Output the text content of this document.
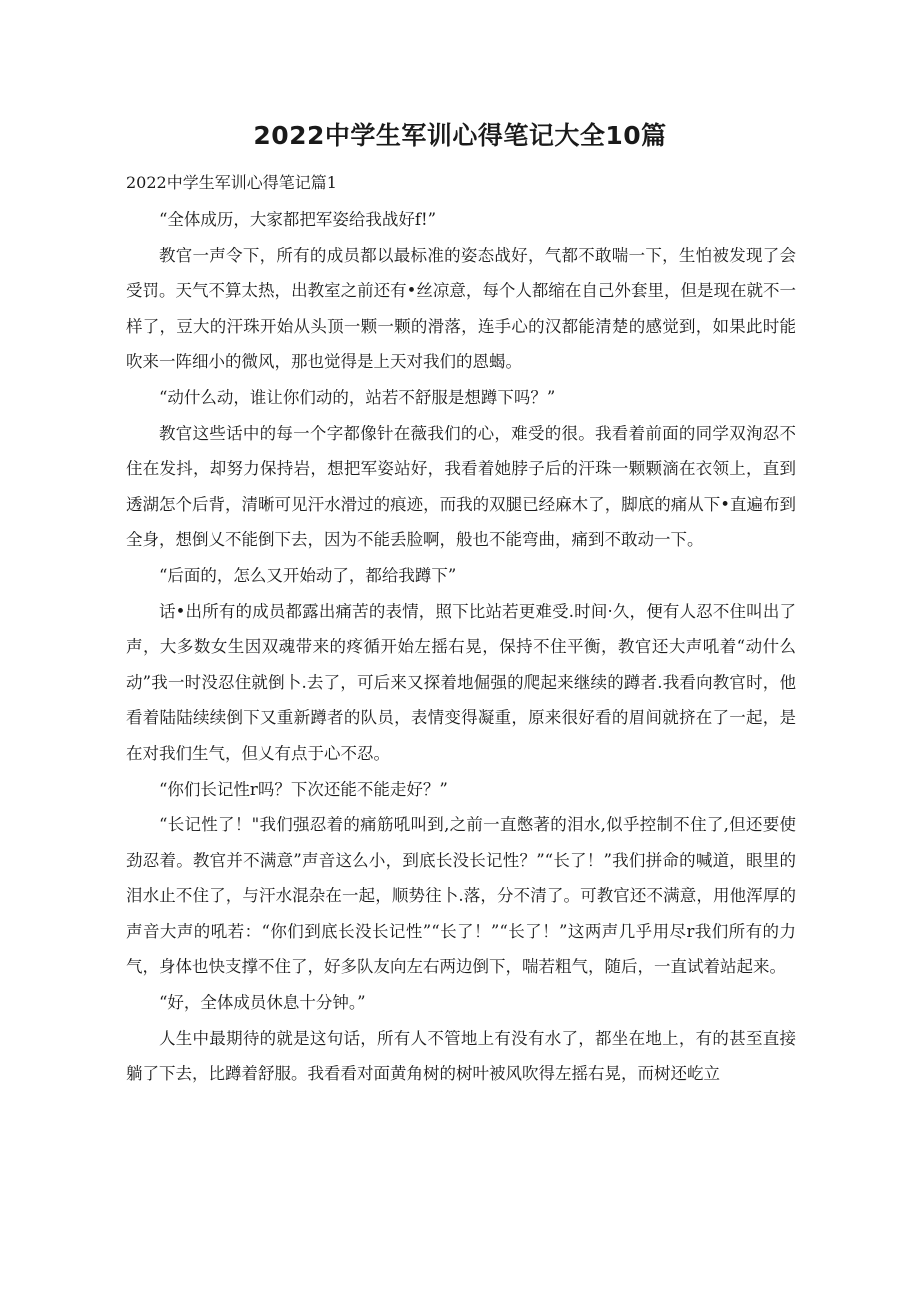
2022中学生军训心得笔记大全10篇

2022中学生军训心得笔记篇1

“全体成历，大家都把军姿给我战好f!”

教官一声令下，所有的成员都以最标准的姿态战好，气都不敢喘一下，生怕被发现了会受罚。天气不算太热，出教室之前还有•丝凉意，每个人都缩在自己外套里，但是现在就不一样了，豆大的汗珠开始从头顶一颗一颗的滑落，连手心的汉都能清楚的感觉到，如果此时能吹来一阵细小的微风，那也觉得是上天对我们的恩蝎。

“动什么动，谁让你们动的，站若不舒服是想蹲下吗？”

教官这些话中的每一个字都像针在薇我们的心，难受的很。我看着前面的同学双洵忍不住在发抖，却努力保持岩，想把军姿站好，我看着她脖子后的汗珠一颗颗滴在衣领上，直到透湖怎个后背，清晰可见汗水滑过的痕迹，而我的双腿已经麻木了，脚底的痛从下•直遍布到全身，想倒乂不能倒下去，因为不能丢脸啊，般也不能弯曲，痛到不敢动一下。

“后面的，怎么又开始动了，都给我蹲下”

话•出所有的成员都露出痛苦的表情，照下比站若更难受.时间·久，便有人忍不住叫出了声，大多数女生因双魂带来的疼循开始左摇右晃，保持不住平衡，教官还大声吼着“动什么动”我一时没忍住就倒卜.去了，可后来又探着地倔强的爬起来继续的蹲者.我看向教官时，他看着陆陆续续倒下又重新蹲者的队员，表情变得凝重，原来很好看的眉间就挤在了一起，是在对我们生气，但乂有点于心不忍。

“你们长记性r吗？下次还能不能走好？”

“长记性了！"我们强忍着的痛筋吼叫到,之前一直憋著的泪水,似乎控制不住了,但还要使劲忍着。教官并不满意”声音这么小，到底长没长记性？”“长了！”我们拼命的喊道，眼里的泪水止不住了，与汗水混杂在一起，顺势往卜.落，分不清了。可教官还不满意，用他浑厚的声音大声的吼若：“你们到底长没长记性”“长了！”“长了！”这两声几乎用尽r我们所有的力气，身体也快支撑不住了，好多队友向左右两边倒下，喘若粗气，随后，一直试着站起来。

“好，全体成员休息十分钟。”

人生中最期待的就是这句话，所有人不管地上有没有水了，都坐在地上，有的甚至直接躺了下去，比蹲着舒服。我看看对面黄角树的树叶被风吹得左摇右晃，而树还屹立
